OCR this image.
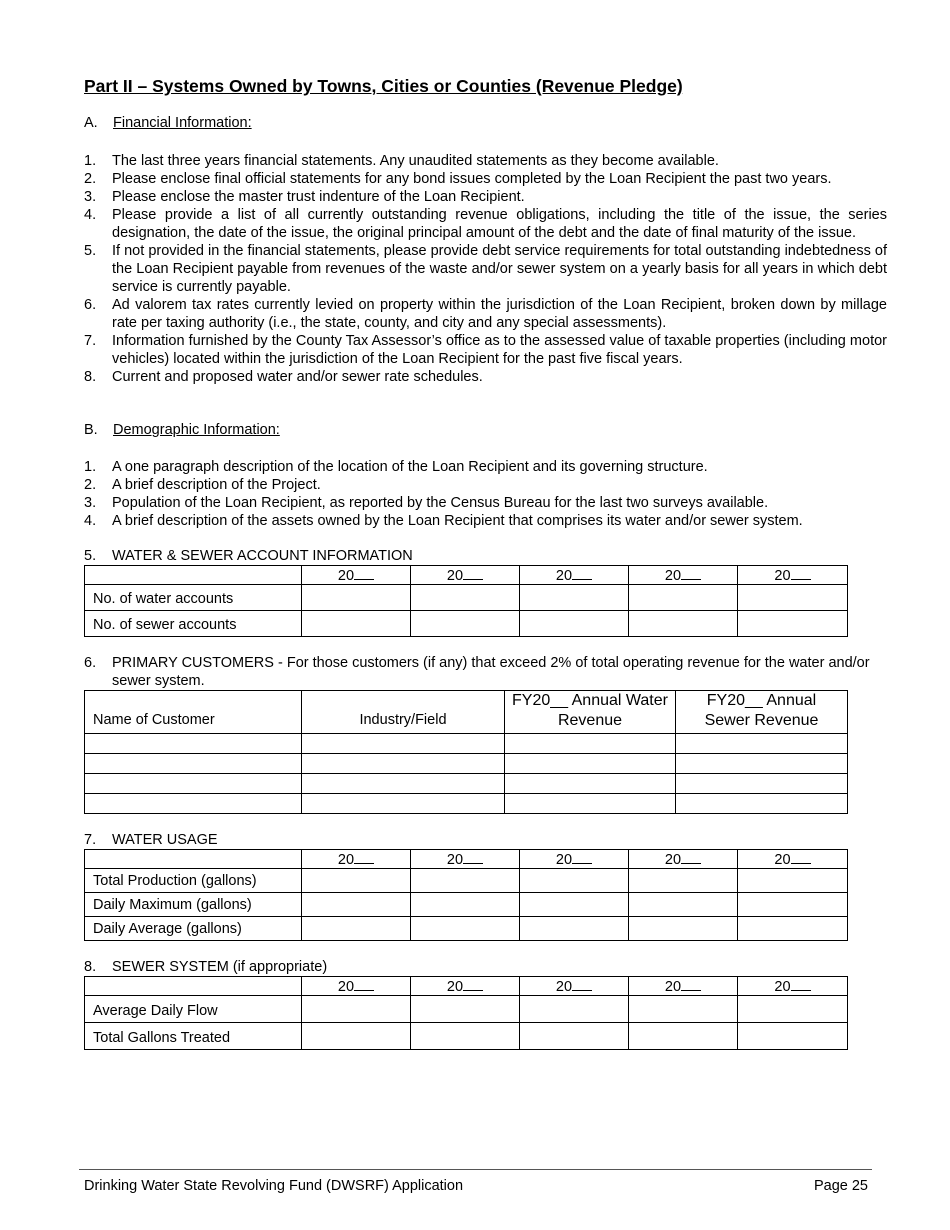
Part II – Systems Owned by Towns, Cities or Counties (Revenue Pledge)
A. Financial Information:
1.	The last three years financial statements. Any unaudited statements as they become available.
2.	Please enclose final official statements for any bond issues completed by the Loan Recipient the past two years.
3.	Please enclose the master trust indenture of the Loan Recipient.
4.	Please provide a list of all currently outstanding revenue obligations, including the title of the issue, the series designation, the date of the issue, the original principal amount of the debt and the date of final maturity of the issue.
5.	If not provided in the financial statements, please provide debt service requirements for total outstanding indebtedness of the Loan Recipient payable from revenues of the waste and/or sewer system on a yearly basis for all years in which debt service is currently payable.
6.	Ad valorem tax rates currently levied on property within the jurisdiction of the Loan Recipient, broken down by millage rate per taxing authority (i.e., the state, county, and city and any special assessments).
7.	Information furnished by the County Tax Assessor’s office as to the assessed value of taxable properties (including motor vehicles) located within the jurisdiction of the Loan Recipient for the past five fiscal years.
8.	Current and proposed water and/or sewer rate schedules.
B. Demographic Information:
1.	A one paragraph description of the location of the Loan Recipient and its governing structure.
2.	A brief description of the Project.
3.	Population of the Loan Recipient, as reported by the Census Bureau for the last two surveys available.
4.	A brief description of the assets owned by the Loan Recipient that comprises its water and/or sewer system.
5. WATER & SEWER ACCOUNT INFORMATION
	20	20	20	20	20
No. of water accounts					
No. of sewer accounts					
6.	PRIMARY CUSTOMERS - For those customers (if any) that exceed 2% of total operating revenue for the water and/or sewer system.
Name of Customer	Industry/Field	FY20__ Annual Water Revenue	FY20__ Annual Sewer Revenue

7. WATER USAGE
	20	20	20	20	20
Total Production (gallons)					
Daily Maximum (gallons)					
Daily Average (gallons)					
8. SEWER SYSTEM (if appropriate)
	20	20	20	20	20
Average Daily Flow					
Total Gallons Treated					
Drinking Water State Revolving Fund (DWSRF) Application	Page 25
